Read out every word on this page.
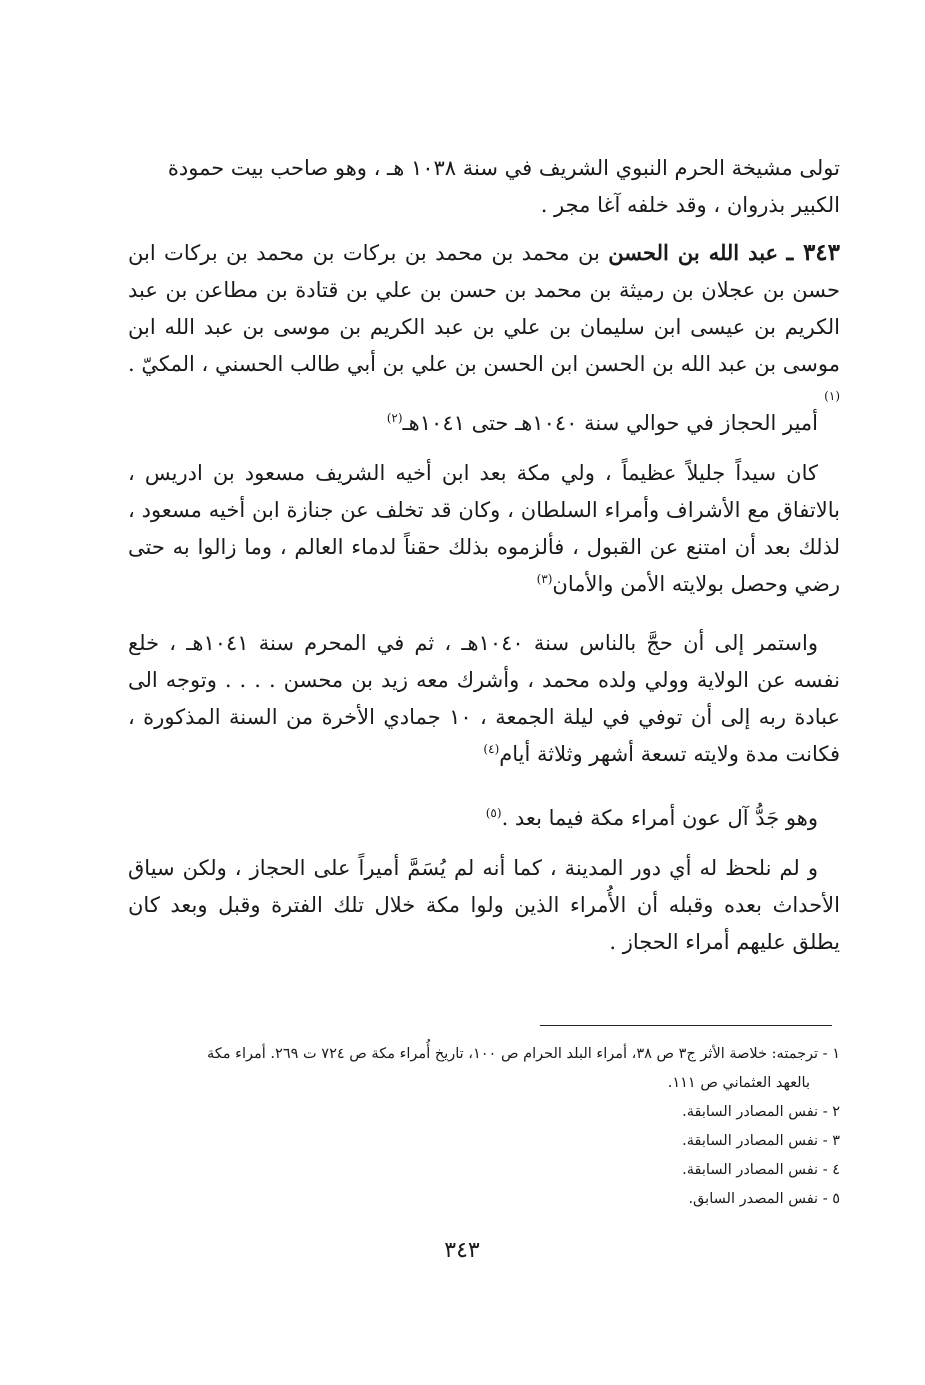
تولى مشيخة الحرم النبوي الشريف في سنة ١٠٣٨ هـ ، وهو صاحب بيت حمودة

الكبير بذروان ، وقد خلفه آغا مجر .

٣٤٣ ـ عبد الله بن الحسن بن محمد بن محمد بن بركات بن محمد بن بركات ابن حسن بن عجلان بن رميثة بن محمد بن حسن بن علي بن قتادة بن مطاعن بن عبد الكريم بن عيسى ابن سليمان بن علي بن عبد الكريم بن موسى بن عبد الله ابن موسى بن عبد الله بن الحسن ابن الحسن بن علي بن أبي طالب الحسني ، المكيّ . $^{(١)}$

أمير الحجاز في حوالي سنة ١٠٤٠هـ حتى ١٠٤١هـ$^{(٢)}$

كان سيداً جليلاً عظيماً ، ولي مكة بعد ابن أخيه الشريف مسعود بن ادريس ، بالاتفاق مع الأشراف وأمراء السلطان ، وكان قد تخلف عن جنازة ابن أخيه مسعود ، لذلك بعد أن امتنع عن القبول ، فألزموه بذلك حقناً لدماء العالم ، وما زالوا به حتى رضي وحصل بولايته الأمن والأمان$^{(٣)}$

واستمر إلى أن حجَّ بالناس سنة ١٠٤٠هـ ، ثم في المحرم سنة ١٠٤١هـ ، خلع نفسه عن الولاية وولي ولده محمد ، وأشرك معه زيد بن محسن . . . . وتوجه الى عبادة ربه إلى أن توفي في ليلة الجمعة ، ١٠ جمادي الأخرة من السنة المذكورة ، فكانت مدة ولايته تسعة أشهر وثلاثة أيام$^{(٤)}$

وهو جَدُّ آل عون أمراء مكة فيما بعد .$^{(٥)}$

و لم نلحظ له أي دور المدينة ، كما أنه لم يُسَمَّ أميراً على الحجاز ، ولكن سياق الأحداث بعده وقبله أن الأُمراء الذين ولوا مكة خلال تلك الفترة وقبل وبعد كان يطلق عليهم أمراء الحجاز .

١ - ترجمته: خلاصة الأثر ج٣ ص ٣٨، أمراء البلد الحرام ص ١٠٠، تاريخ أُمراء مكة ص ٧٢٤ ت ٢٦٩. أمراء مكة
بالعهد العثماني ص ١١١.
٢ - نفس المصادر السابقة.
٣ - نفس المصادر السابقة.
٤ - نفس المصادر السابقة.
٥ - نفس المصدر السابق.
٣٤٣
